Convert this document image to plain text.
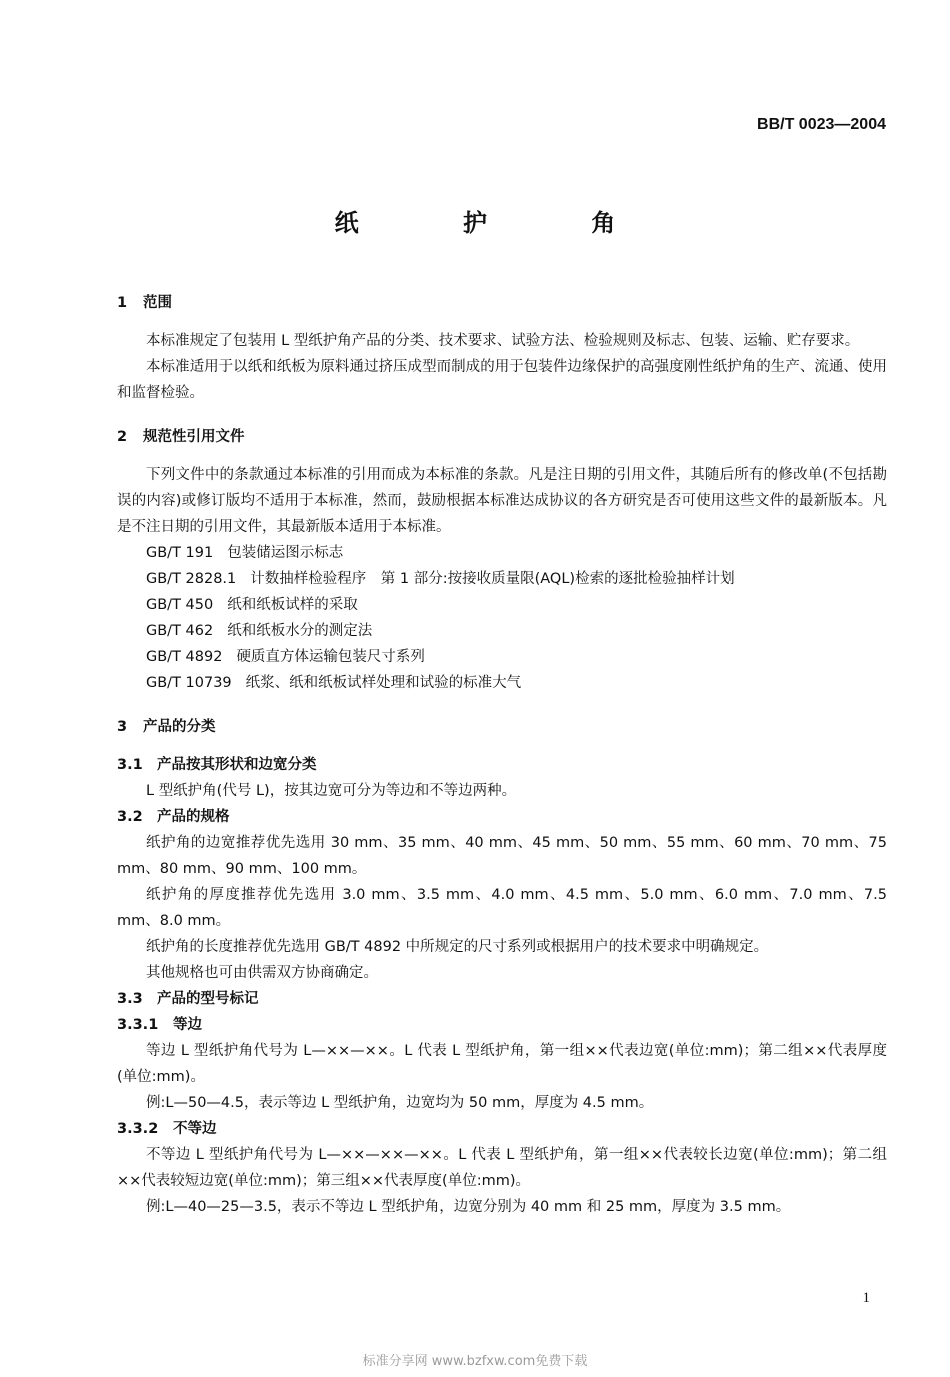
BB/T 0023—2004
纸 护 角

1 范围

本标准规定了包装用 L 型纸护角产品的分类、技术要求、试验方法、检验规则及标志、包装、运输、贮存要求。

本标准适用于以纸和纸板为原料通过挤压成型而制成的用于包装件边缘保护的高强度刚性纸护角的生产、流通、使用和监督检验。

2 规范性引用文件

下列文件中的条款通过本标准的引用而成为本标准的条款。凡是注日期的引用文件，其随后所有的修改单(不包括勘误的内容)或修订版均不适用于本标准，然而，鼓励根据本标准达成协议的各方研究是否可使用这些文件的最新版本。凡是不注日期的引用文件，其最新版本适用于本标准。

GB/T 191 包装储运图示标志

GB/T 2828.1 计数抽样检验程序　第 1 部分:按接收质量限(AQL)检索的逐批检验抽样计划

GB/T 450 纸和纸板试样的采取

GB/T 462 纸和纸板水分的测定法

GB/T 4892 硬质直方体运输包装尺寸系列

GB/T 10739 纸浆、纸和纸板试样处理和试验的标准大气

3 产品的分类

3.1 产品按其形状和边宽分类

L 型纸护角(代号 L)，按其边宽可分为等边和不等边两种。

3.2 产品的规格

纸护角的边宽推荐优先选用 30 mm、35 mm、40 mm、45 mm、50 mm、55 mm、60 mm、70 mm、75 mm、80 mm、90 mm、100 mm。

纸护角的厚度推荐优先选用 3.0 mm、3.5 mm、4.0 mm、4.5 mm、5.0 mm、6.0 mm、7.0 mm、7.5 mm、8.0 mm。

纸护角的长度推荐优先选用 GB/T 4892 中所规定的尺寸系列或根据用户的技术要求中明确规定。

其他规格也可由供需双方协商确定。

3.3 产品的型号标记

3.3.1 等边

等边 L 型纸护角代号为 L—××—××。L 代表 L 型纸护角，第一组××代表边宽(单位:mm)；第二组××代表厚度(单位:mm)。

例:L—50—4.5，表示等边 L 型纸护角，边宽均为 50 mm，厚度为 4.5 mm。

3.3.2 不等边

不等边 L 型纸护角代号为 L—××—××—××。L 代表 L 型纸护角，第一组××代表较长边宽(单位:mm)；第二组××代表较短边宽(单位:mm)；第三组××代表厚度(单位:mm)。

例:L—40—25—3.5，表示不等边 L 型纸护角，边宽分别为 40 mm 和 25 mm，厚度为 3.5 mm。

1
标准分享网 www.bzfxw.com免费下载
